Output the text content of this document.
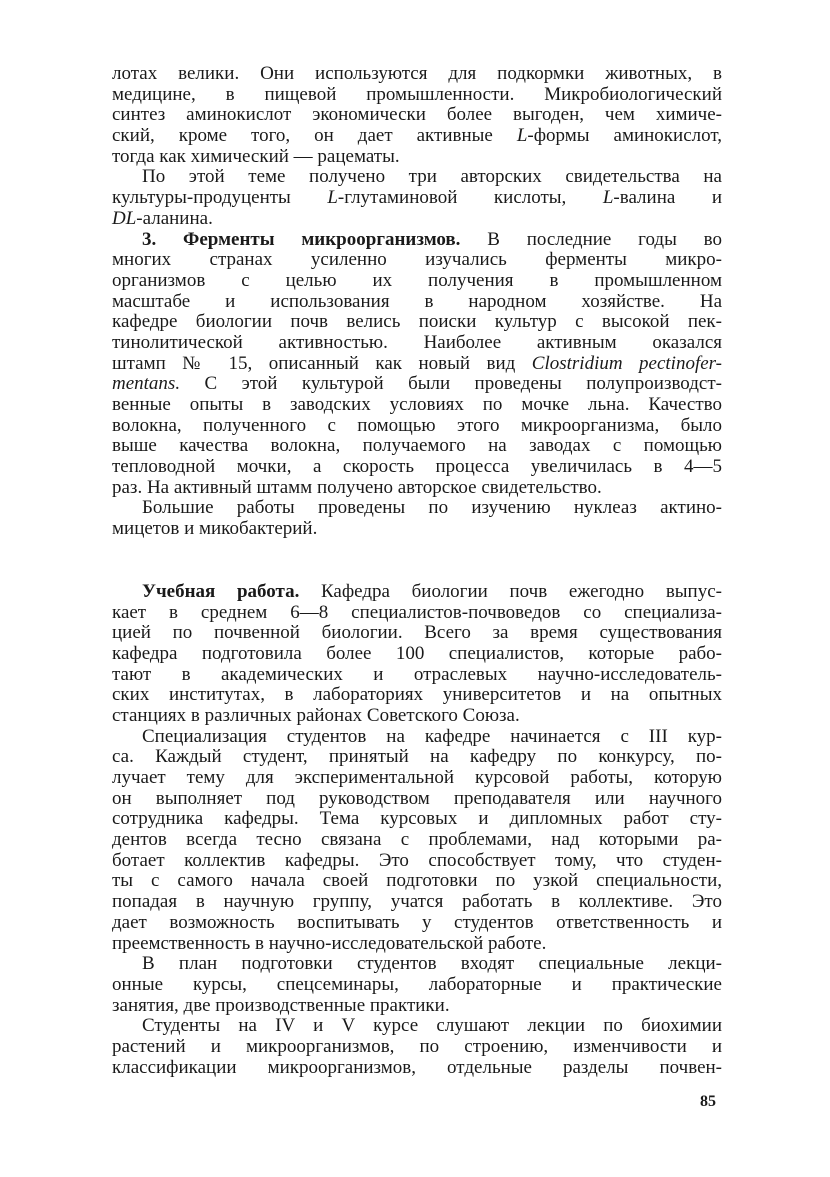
лотах велики. Они используются для подкормки животных, в
медицине, в пищевой промышленности. Микробиологический
синтез аминокислот экономически более выгоден, чем химиче-
ский, кроме того, он дает активные L-формы аминокислот,
тогда как химический — рацематы.
По этой теме получено три авторских свидетельства на
культуры-продуценты L-глутаминовой кислоты, L-валина и
DL-аланина.
3. Ферменты микроорганизмов. В последние годы во
многих странах усиленно изучались ферменты микро-
организмов с целью их получения в промышленном
масштабе и использования в народном хозяйстве. На
кафедре биологии почв велись поиски культур с высокой пек-
тинолитической активностью. Наиболее активным оказался
штамп № 15, описанный как новый вид Clostridium pectinofer-
mentans. С этой культурой были проведены полупроизводст-
венные опыты в заводских условиях по мочке льна. Качество
волокна, полученного с помощью этого микроорганизма, было
выше качества волокна, получаемого на заводах с помощью
тепловодной мочки, а скорость процесса увеличилась в 4—5
раз. На активный штамм получено авторское свидетельство.
Большие работы проведены по изучению нуклеаз актино-
мицетов и микобактерий.
Учебная работа. Кафедра биологии почв ежегодно выпус-
кает в среднем 6—8 специалистов-почвоведов со специализа-
цией по почвенной биологии. Всего за время существования
кафедра подготовила более 100 специалистов, которые рабо-
тают в академических и отраслевых научно-исследователь-
ских институтах, в лабораториях университетов и на опытных
станциях в различных районах Советского Союза.
Специализация студентов на кафедре начинается с III кур-
са. Каждый студент, принятый на кафедру по конкурсу, по-
лучает тему для экспериментальной курсовой работы, которую
он выполняет под руководством преподавателя или научного
сотрудника кафедры. Тема курсовых и дипломных работ сту-
дентов всегда тесно связана с проблемами, над которыми ра-
ботает коллектив кафедры. Это способствует тому, что студен-
ты с самого начала своей подготовки по узкой специальности,
попадая в научную группу, учатся работать в коллективе. Это
дает возможность воспитывать у студентов ответственность и
преемственность в научно-исследовательской работе.
В план подготовки студентов входят специальные лекци-
онные курсы, спецсеминары, лабораторные и практические
занятия, две производственные практики.
Студенты на IV и V курсе слушают лекции по биохимии
растений и микроорганизмов, по строению, изменчивости и
классификации микроорганизмов, отдельные разделы почвен-
85
